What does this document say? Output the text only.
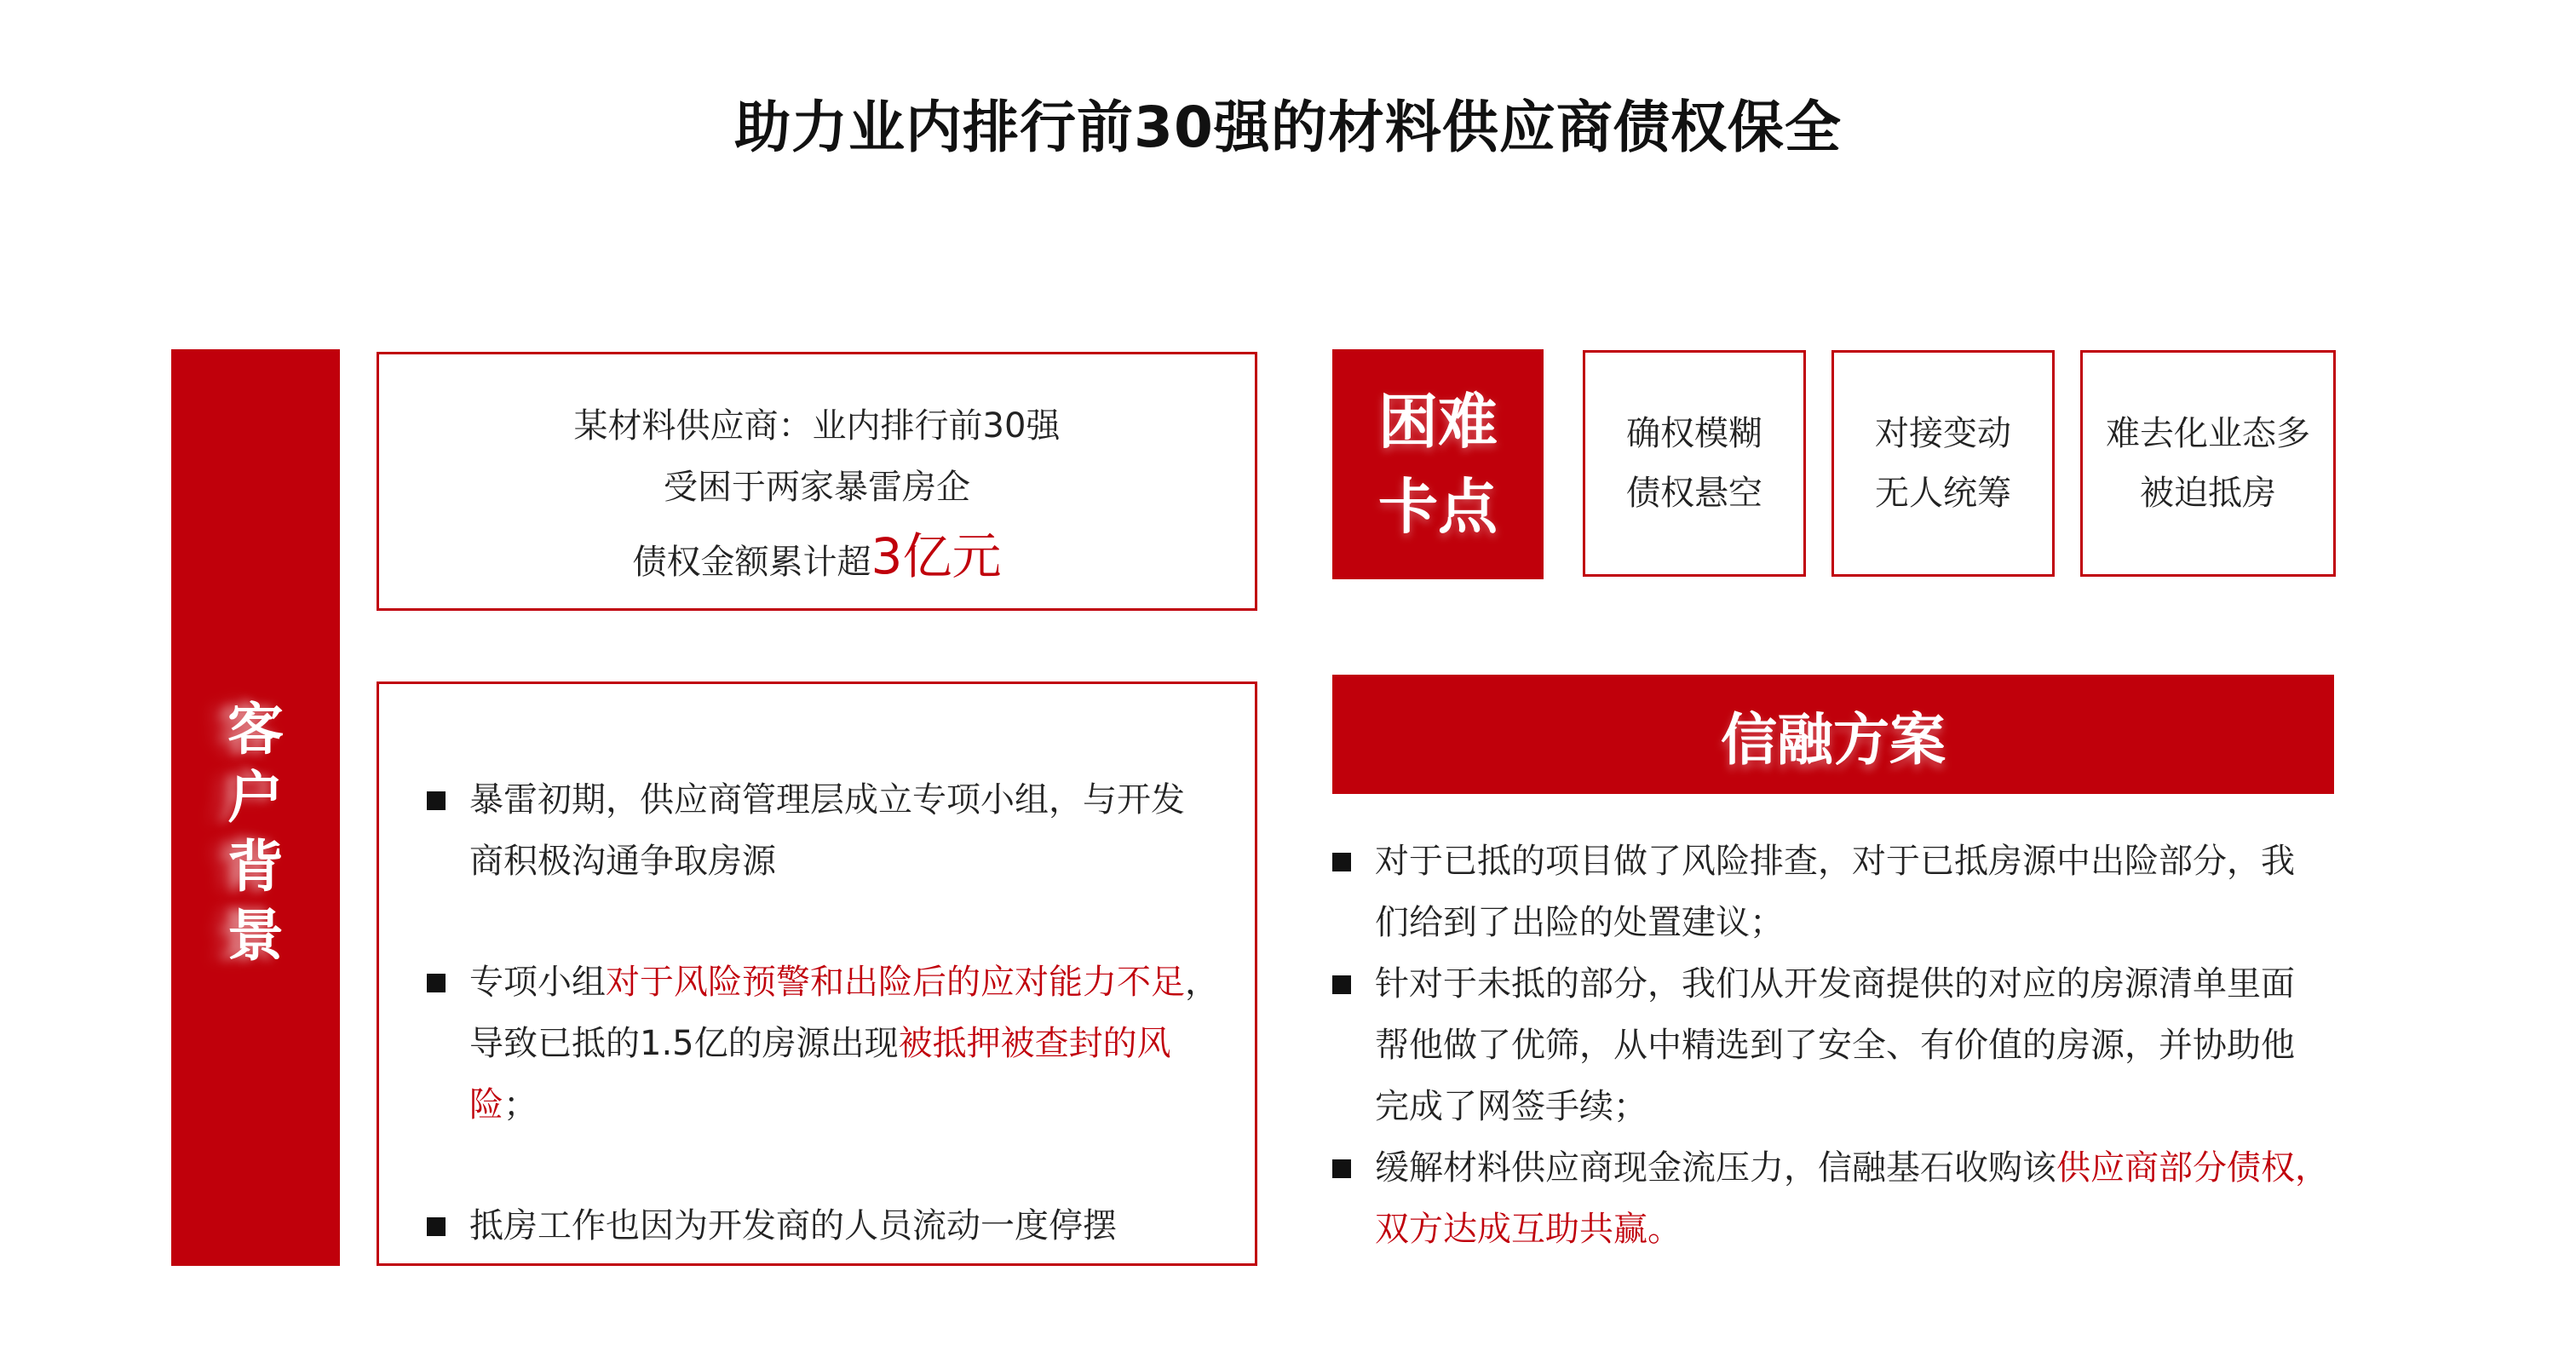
助力业内排行前30强的材料供应商债权保全
客
户
背
景
某材料供应商：业内排行前30强
受困于两家暴雷房企
债权金额累计超3亿元
暴雷初期，供应商管理层成立专项小组，与开发
商积极沟通争取房源
专项小组对于风险预警和出险后的应对能力不足，
导致已抵的1.5亿的房源出现被抵押被查封的风险；
抵房工作也因为开发商的人员流动一度停摆
困难
卡点
确权模糊
债权悬空
对接变动
无人统筹
难去化业态多
被迫抵房
信融方案
对于已抵的项目做了风险排查，对于已抵房源中出险部分，我
们给到了出险的处置建议；
针对于未抵的部分，我们从开发商提供的对应的房源清单里面
帮他做了优筛，从中精选到了安全、有价值的房源，并协助他
完成了网签手续；
缓解材料供应商现金流压力，信融基石收购该供应商部分债权，
双方达成互助共赢。
